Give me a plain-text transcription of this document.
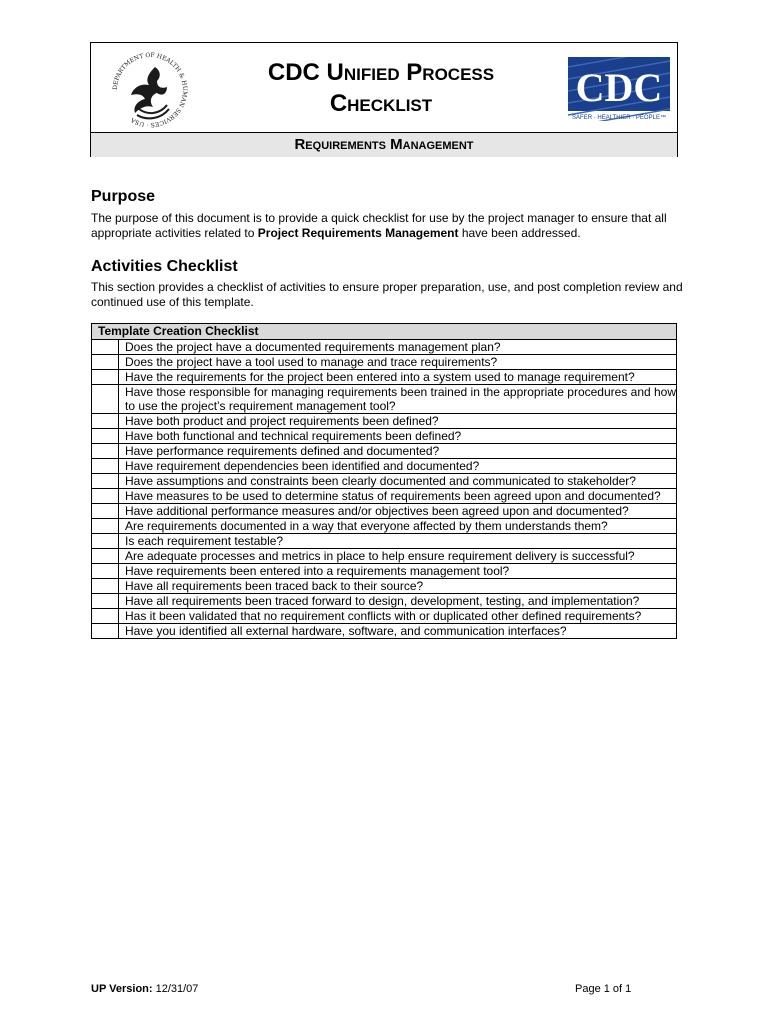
DEPARTMENT OF HEALTH & HUMAN SERVICES · USA
CDC Unified Process
Checklist	CDC
SAFER · HEALTHIER · PEOPLE™
Requirements Management
Purpose

The purpose of this document is to provide a quick checklist for use by the project manager to ensure that all appropriate activities related to Project Requirements Management have been addressed.

Activities Checklist

This section provides a checklist of activities to ensure proper preparation, use, and post completion review and continued use of this template.

Template Creation Checklist	
	Does the project have a documented requirements management plan?
	Does the project have a tool used to manage and trace requirements?
	Have the requirements for the project been entered into a system used to manage requirement?
	Have those responsible for managing requirements been trained in the appropriate procedures and how to use the project’s requirement management tool?
	Have both product and project requirements been defined?
	Have both functional and technical requirements been defined?
	Have performance requirements defined and documented?
	Have requirement dependencies been identified and documented?
	Have assumptions and constraints been clearly documented and communicated to stakeholder?
	Have measures to be used to determine status of requirements been agreed upon and documented?
	Have additional performance measures and/or objectives been agreed upon and documented?
	Are requirements documented in a way that everyone affected by them understands them?
	Is each requirement testable?
	Are adequate processes and metrics in place to help ensure requirement delivery is successful?
	Have requirements been entered into a requirements management tool?
	Have all requirements been traced back to their source?
	Have all requirements been traced forward to design, development, testing, and implementation?
	Has it been validated that no requirement conflicts with or duplicated other defined requirements?
	Have you identified all external hardware, software, and communication interfaces?
UP Version: 12/31/07	Page 1 of 1
